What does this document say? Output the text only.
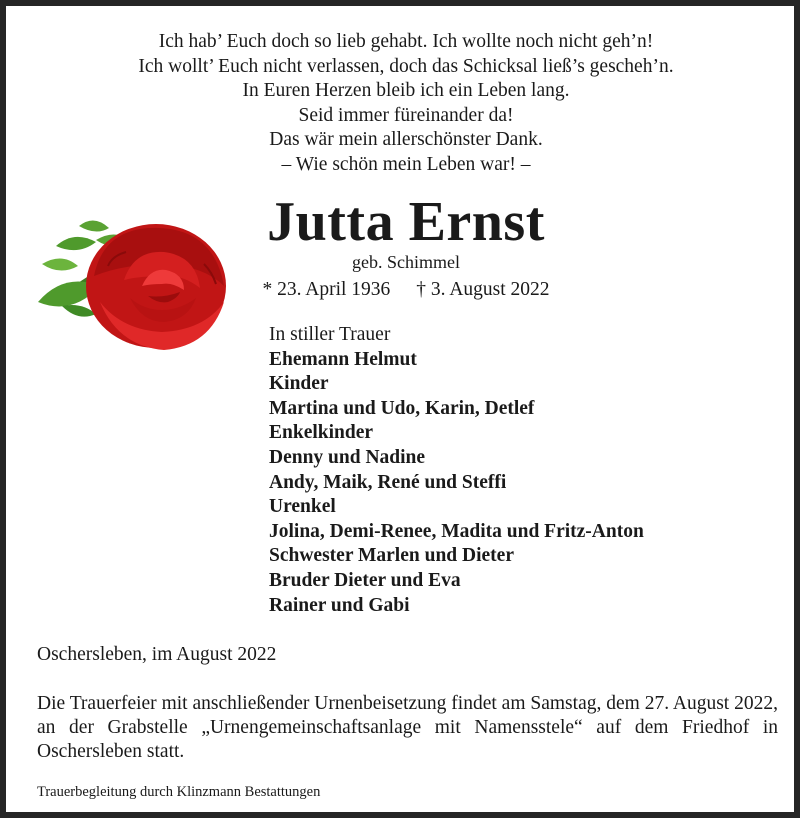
Ich hab’ Euch doch so lieb gehabt. Ich wollte noch nicht geh’n!
Ich wollt’ Euch nicht verlassen, doch das Schicksal ließ’s gescheh’n.
In Euren Herzen bleib ich ein Leben lang.
Seid immer füreinander da!
Das wär mein allerschönster Dank.
– Wie schön mein Leben war! –
Jutta Ernst
geb. Schimmel
* 23. April 1936 † 3. August 2022
In stiller Trauer
Ehemann Helmut
Kinder
Martina und Udo, Karin, Detlef
Enkelkinder
Denny und Nadine
Andy, Maik, René und Steffi
Urenkel
Jolina, Demi-Renee, Madita und Fritz-Anton
Schwester Marlen und Dieter
Bruder Dieter und Eva
Rainer und Gabi
Oschersleben, im August 2022
Die Trauerfeier mit anschließender Urnenbeisetzung findet am Samstag, dem 27. August 2022,
an der Grabstelle „Urnengemeinschaftsanlage mit Namensstele“ auf dem Friedhof in
Oschersleben statt.
Trauerbegleitung durch Klinzmann Bestattungen
